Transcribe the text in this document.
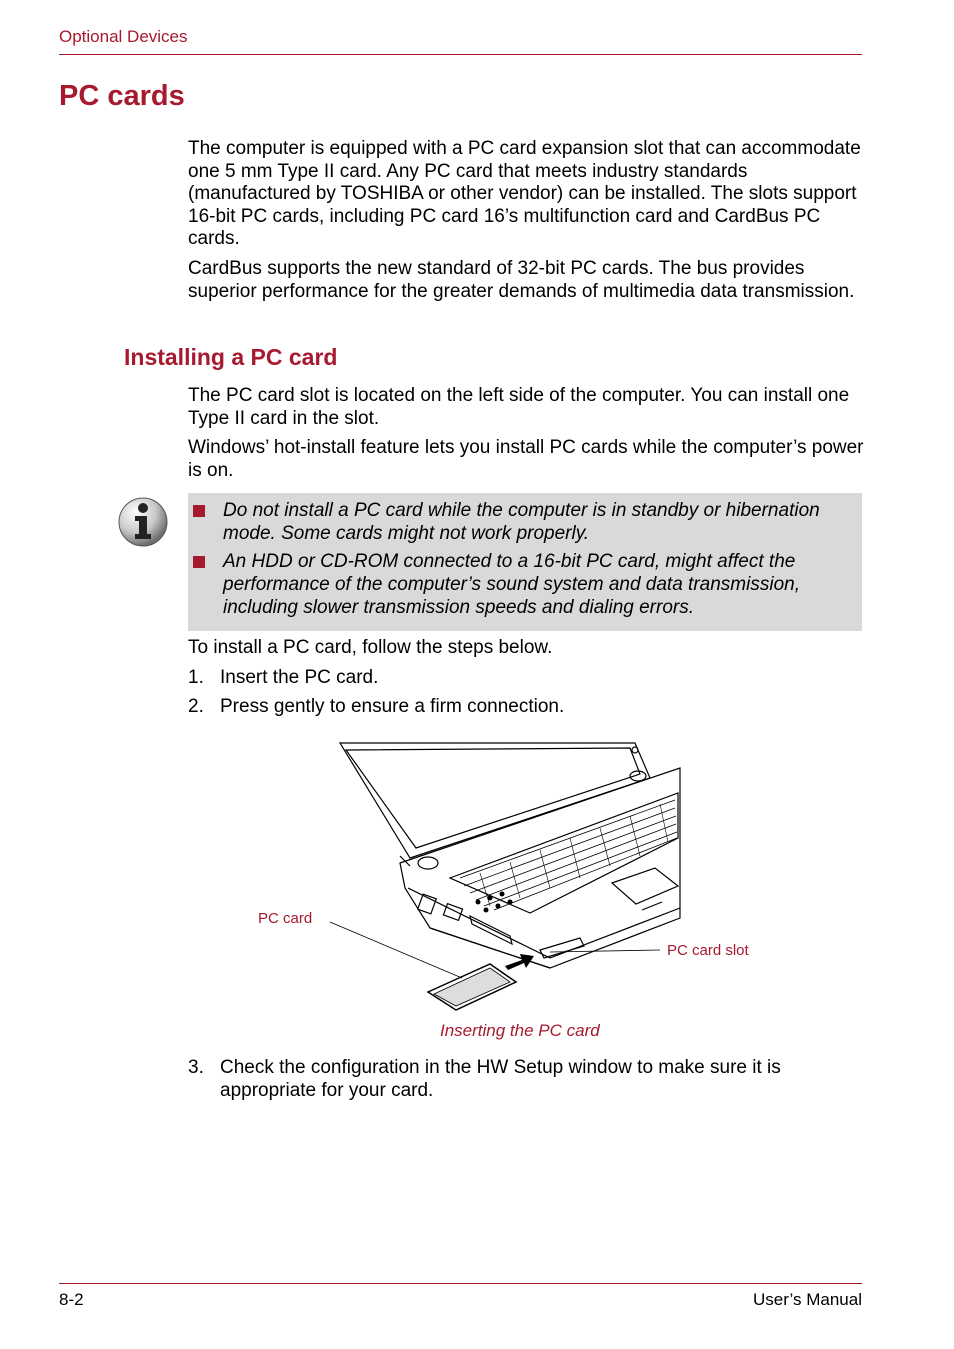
Optional Devices
PC cards

The computer is equipped with a PC card expansion slot that can accommodate one 5 mm Type II card. Any PC card that meets industry standards (manufactured by TOSHIBA or other vendor) can be installed. The slots support 16-bit PC cards, including PC card 16’s multifunction card and CardBus PC cards.

CardBus supports the new standard of 32-bit PC cards. The bus provides superior performance for the greater demands of multimedia data transmission.

Installing a PC card

The PC card slot is located on the left side of the computer. You can install one Type II card in the slot.

Windows’ hot-install feature lets you install PC cards while the computer’s power is on.

Do not install a PC card while the computer is in standby or hibernation mode. Some cards might not work properly.
An HDD or CD-ROM connected to a 16-bit PC card, might affect the performance of the computer’s sound system and data transmission, including slower transmission speeds and dialing errors.

To install a PC card, follow the steps below.

1. Insert the PC card.
2. Press gently to ensure a firm connection.
PC card
PC card slot
Inserting the PC card
3. Check the configuration in the HW Setup window to make sure it is appropriate for your card.
8-2	User’s Manual
